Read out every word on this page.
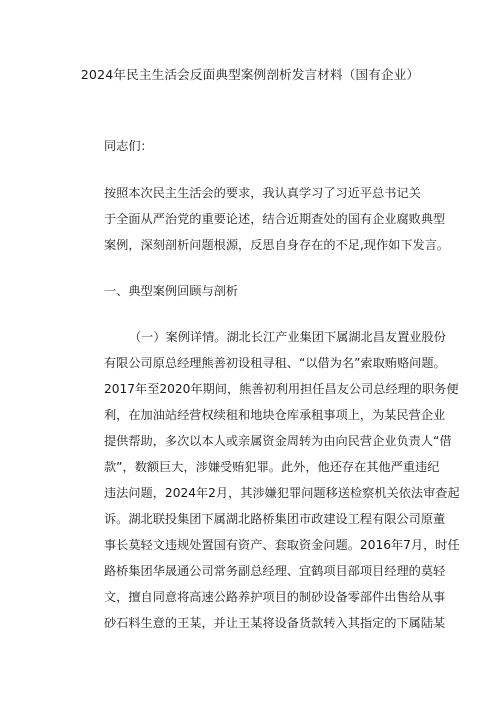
2024年民主生活会反面典型案例剖析发言材料（国有企业）
同志们：
按照本次民主生活会的要求，我认真学习了习近平总书记关
于全面从严治党的重要论述，结合近期查处的国有企业腐败典型
案例，深刻剖析问题根源，反思自身存在的不足,现作如下发言。
一、典型案例回顾与剖析
（一）案例详情。湖北长江产业集团下属湖北昌友置业股份
有限公司原总经理熊善初设租寻租、“以借为名”索取贿赂问题。
2017年至2020年期间，熊善初利用担任昌友公司总经理的职务便
利，在加油站经营权续租和地块仓库承租事项上，为某民营企业
提供帮助，多次以本人或亲属资金周转为由向民营企业负责人“借
款”，数额巨大，涉嫌受贿犯罪。此外，他还存在其他严重违纪
违法问题，2024年2月，其涉嫌犯罪问题移送检察机关依法审查起
诉。湖北联投集团下属湖北路桥集团市政建设工程有限公司原董
事长莫轻文违规处置国有资产、套取资金问题。2016年7月，时任
路桥集团华晟通公司常务副总经理、宜鹤项目部项目经理的莫轻
文，擅自同意将高速公路养护项目的制砂设备零部件出售给从事
砂石料生意的王某，并让王某将设备货款转入其指定的下属陆某
